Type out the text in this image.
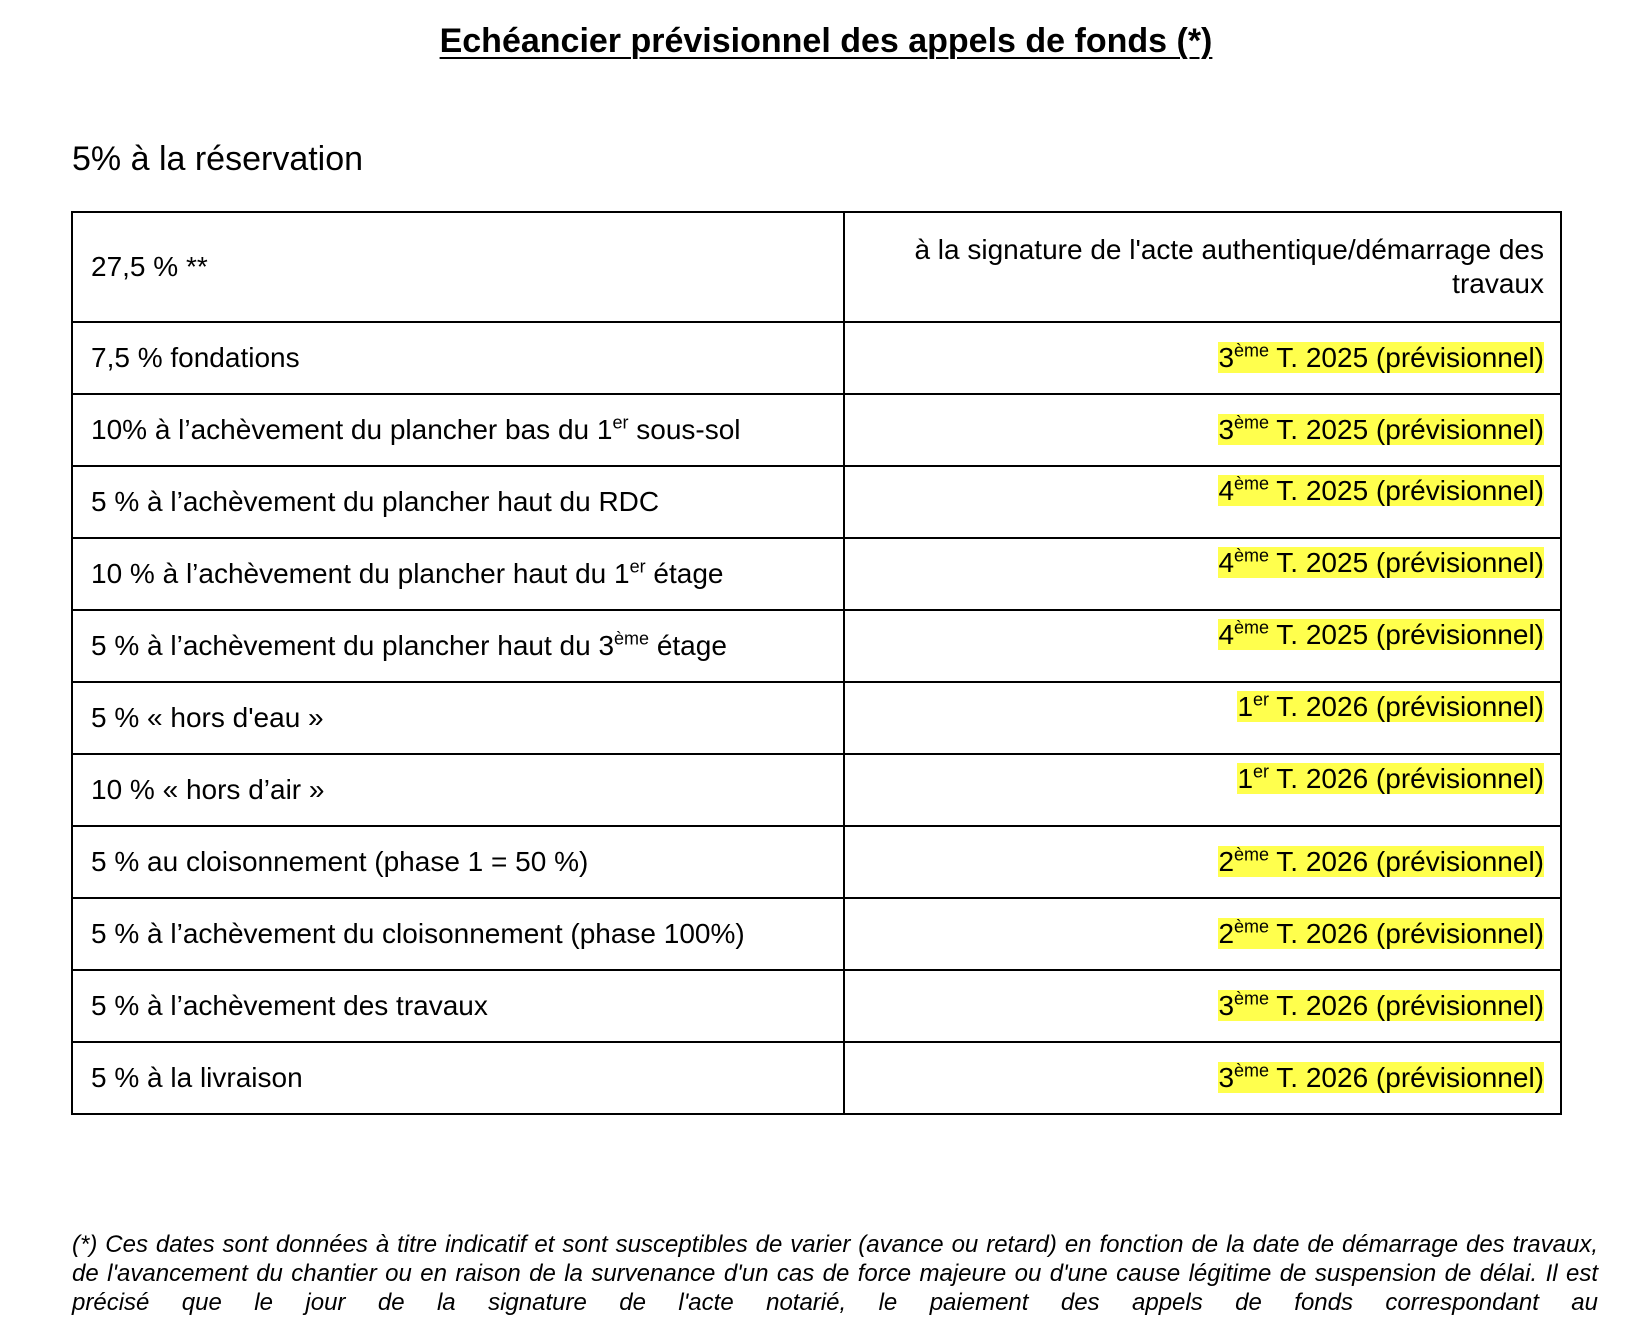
Echéancier prévisionnel des appels de fonds (*)
5% à la réservation
27,5 % **	à la signature de l'acte authentique/démarrage des travaux
7,5 % fondations	3ème T. 2025 (prévisionnel)
10% à l’achèvement du plancher bas du 1er sous-sol	3ème T. 2025 (prévisionnel)
5 % à l’achèvement du plancher haut du RDC	4ème T. 2025 (prévisionnel)
10 % à l’achèvement du plancher haut du 1er étage	4ème T. 2025 (prévisionnel)
5 % à l’achèvement du plancher haut du 3ème étage	4ème T. 2025 (prévisionnel)
5 % « hors d'eau »	1er T. 2026 (prévisionnel)
10 % « hors d’air »	1er T. 2026 (prévisionnel)
5 % au cloisonnement (phase 1 = 50 %)	2ème T. 2026 (prévisionnel)
5 % à l’achèvement du cloisonnement (phase 100%)	2ème T. 2026 (prévisionnel)
5 % à l’achèvement des travaux	3ème T. 2026 (prévisionnel)
5 % à la livraison	3ème T. 2026 (prévisionnel)
(*) Ces dates sont données à titre indicatif et sont susceptibles de varier (avance ou retard) en fonction de la date de démarrage des travaux, de l'avancement du chantier ou en raison de la survenance d'un cas de force majeure ou d'une cause légitime de suspension de délai. Il est précisé que le jour de la signature de l'acte notarié, le paiement des appels de fonds correspondant au
